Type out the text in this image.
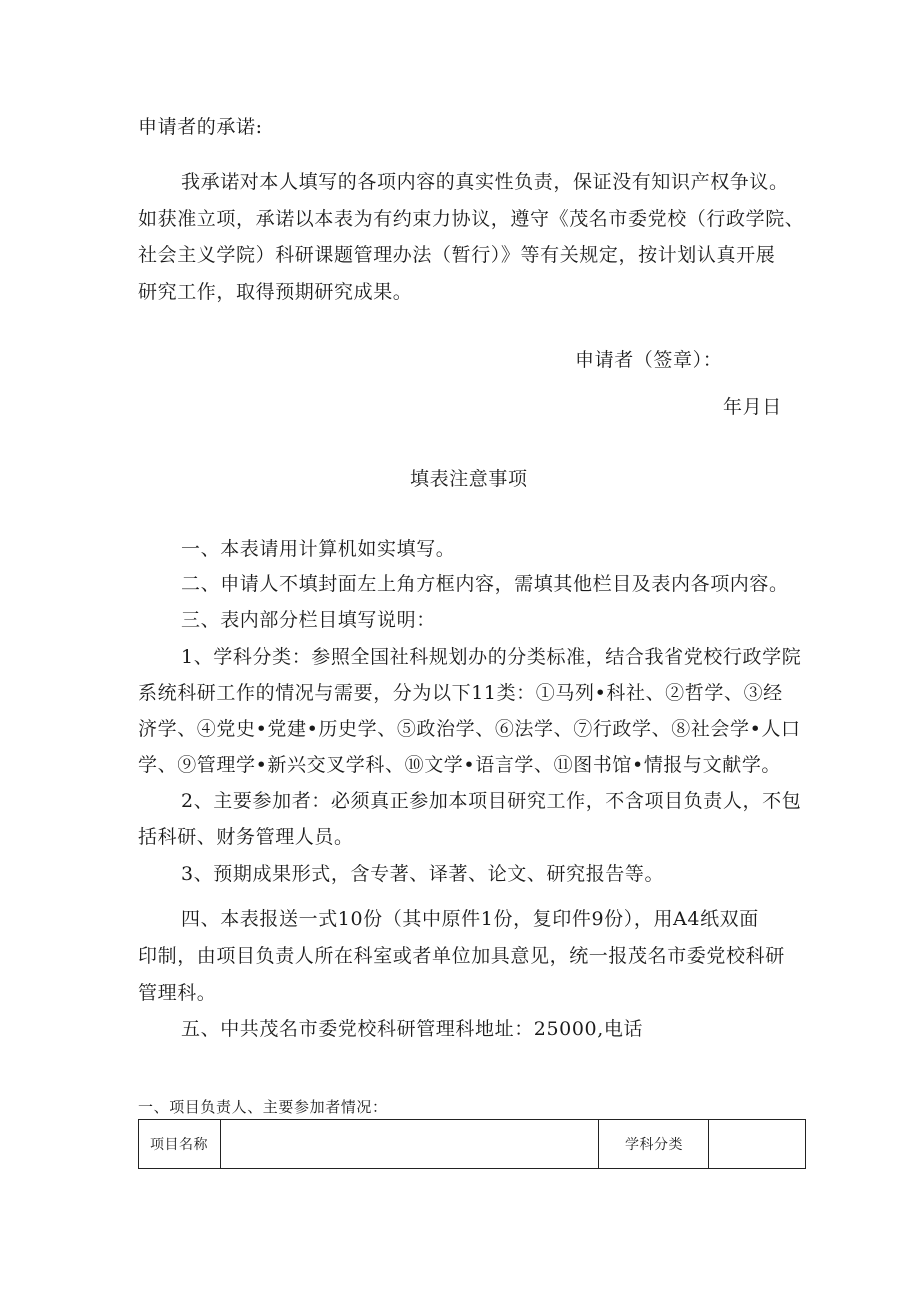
申请者的承诺:
我承诺对本人填写的各项内容的真实性负责，保证没有知识产权争议。
如获准立项，承诺以本表为有约束力协议，遵守《茂名市委党校（行政学院、
社会主义学院）科研课题管理办法（暂行）》等有关规定，按计划认真开展
研究工作，取得预期研究成果。
申请者（签章）：
年月日
填表注意事项
一、本表请用计算机如实填写。
二、申请人不填封面左上角方框内容，需填其他栏目及表内各项内容。
三、表内部分栏目填写说明：
1、学科分类：参照全国社科规划办的分类标准，结合我省党校行政学院
系统科研工作的情况与需要，分为以下11类：①马列•科社、②哲学、③经
济学、④党史•党建•历史学、⑤政治学、⑥法学、⑦行政学、⑧社会学•人口
学、⑨管理学•新兴交叉学科、⑩文学•语言学、⑪图书馆•情报与文献学。
2、主要参加者：必须真正参加本项目研究工作，不含项目负责人，不包
括科研、财务管理人员。
3、预期成果形式，含专著、译著、论文、研究报告等。
四、本表报送一式10份（其中原件1份，复印件9份），用A4纸双面
印制，由项目负责人所在科室或者单位加具意见，统一报茂名市委党校科研
管理科。
五、中共茂名市委党校科研管理科地址：25000,电话
一、项目负责人、主要参加者情况：
项目名称	学科分类
